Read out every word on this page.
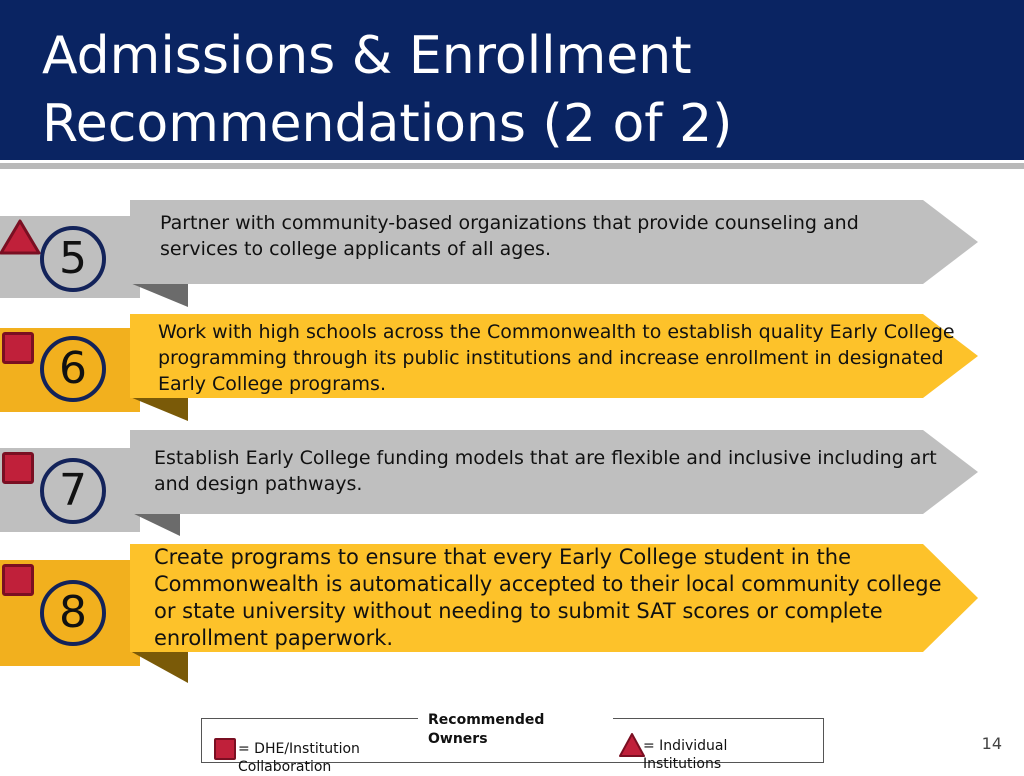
Admissions & Enrollment
Recommendations (2 of 2)
Partner with community-based organizations that provide counseling and services to college applicants of all ages.
5
Work with high schools across the Commonwealth to establish quality Early College programming through its public institutions and increase enrollment in designated Early College programs.
6
Establish Early College funding models that are flexible and inclusive including art and design pathways.
7
Create programs to ensure that every Early College student in the Commonwealth is automatically accepted to their local community college or state university without needing to submit SAT scores or complete enrollment paperwork.
8
Recommended Owners
= DHE/Institution Collaboration
= Individual Institutions
14
